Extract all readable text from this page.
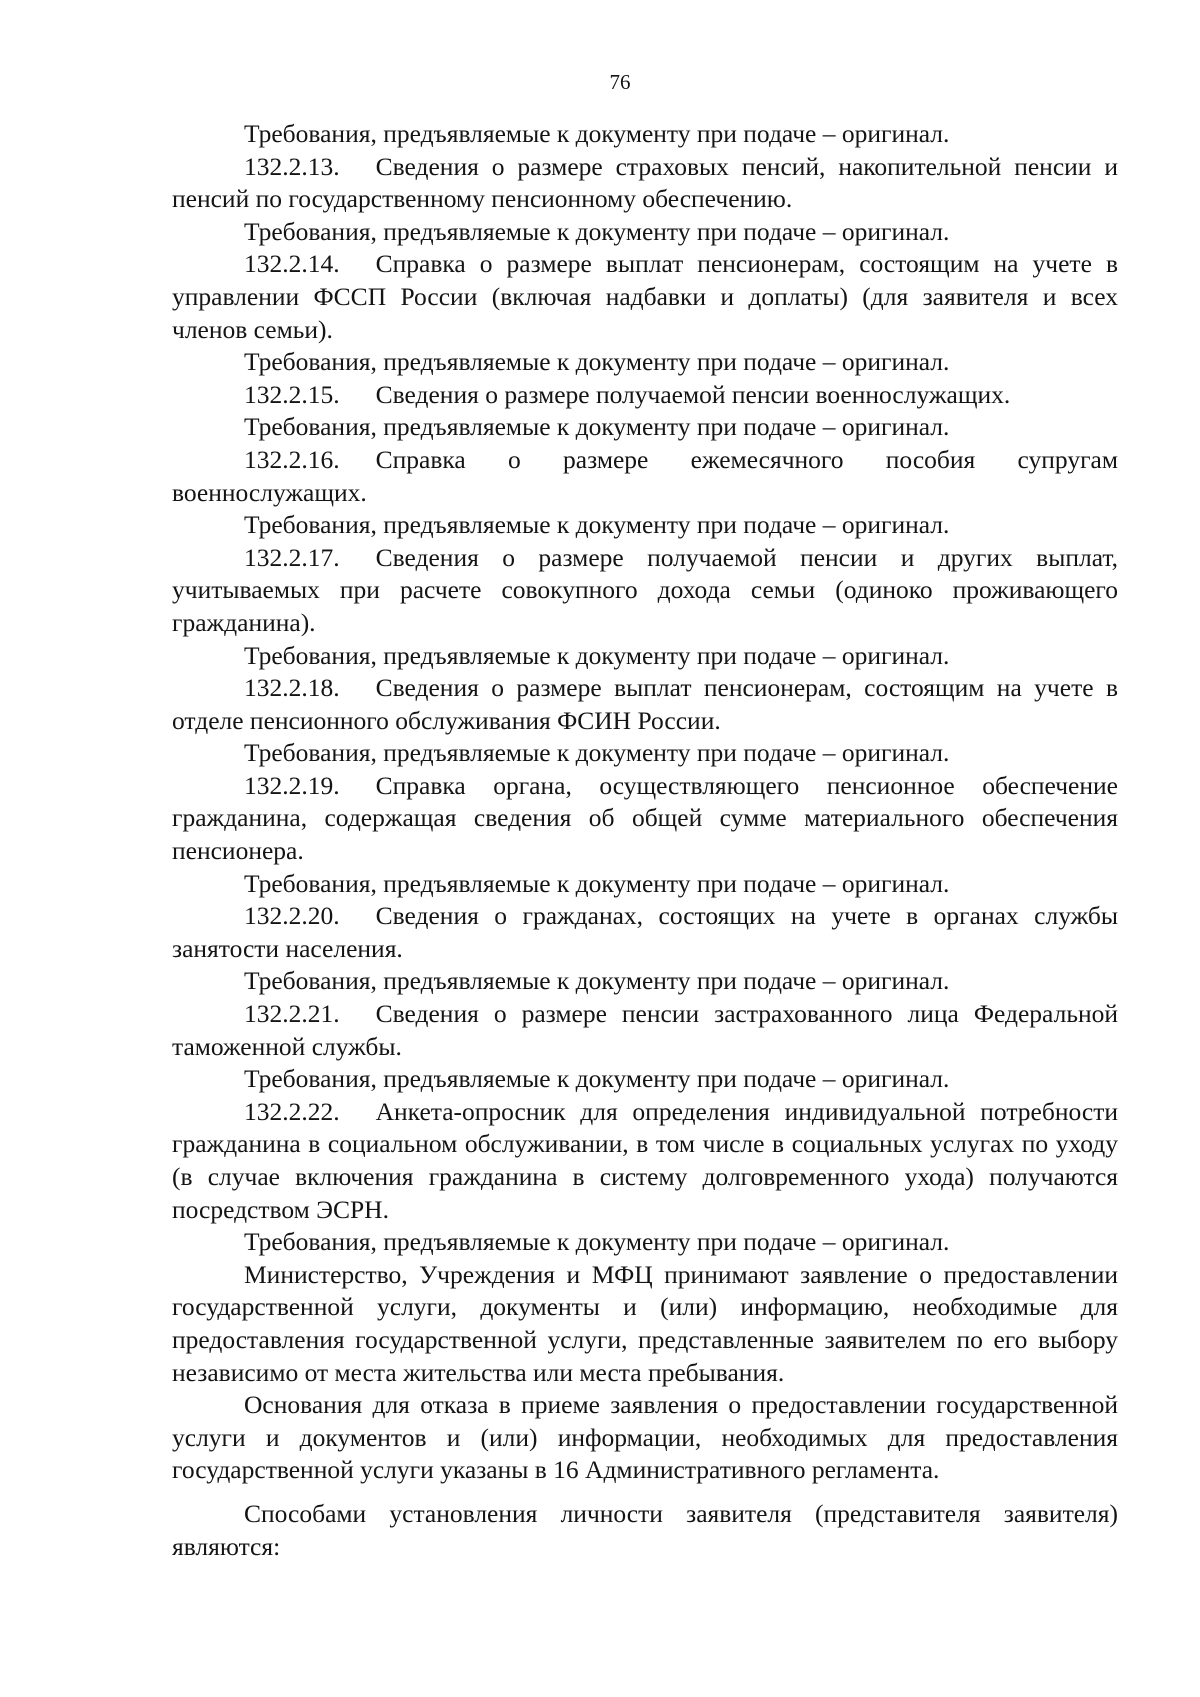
76

Требования, предъявляемые к документу при подаче – оригинал.

132.2.13. Сведения о размере страховых пенсий, накопительной пенсии и пенсий по государственному пенсионному обеспечению.

Требования, предъявляемые к документу при подаче – оригинал.

132.2.14. Справка о размере выплат пенсионерам, состоящим на учете в управлении ФССП России (включая надбавки и доплаты) (для заявителя и всех членов семьи).

Требования, предъявляемые к документу при подаче – оригинал.

132.2.15. Сведения о размере получаемой пенсии военнослужащих.

Требования, предъявляемые к документу при подаче – оригинал.

132.2.16. Справка о размере ежемесячного пособия супругам военнослужащих.

Требования, предъявляемые к документу при подаче – оригинал.

132.2.17. Сведения о размере получаемой пенсии и других выплат, учитываемых при расчете совокупного дохода семьи (одиноко проживающего гражданина).

Требования, предъявляемые к документу при подаче – оригинал.

132.2.18. Сведения о размере выплат пенсионерам, состоящим на учете в отделе пенсионного обслуживания ФСИН России.

Требования, предъявляемые к документу при подаче – оригинал.

132.2.19. Справка органа, осуществляющего пенсионное обеспечение гражданина, содержащая сведения об общей сумме материального обеспечения пенсионера.

Требования, предъявляемые к документу при подаче – оригинал.

132.2.20. Сведения о гражданах, состоящих на учете в органах службы занятости населения.

Требования, предъявляемые к документу при подаче – оригинал.

132.2.21. Сведения о размере пенсии застрахованного лица Федеральной таможенной службы.

Требования, предъявляемые к документу при подаче – оригинал.

132.2.22. Анкета-опросник для определения индивидуальной потребности гражданина в социальном обслуживании, в том числе в социальных услугах по уходу (в случае включения гражданина в систему долговременного ухода) получаются посредством ЭСРН.

Требования, предъявляемые к документу при подаче – оригинал.

Министерство, Учреждения и МФЦ принимают заявление о предоставлении государственной услуги, документы и (или) информацию, необходимые для предоставления государственной услуги, представленные заявителем по его выбору независимо от места жительства или места пребывания.

Основания для отказа в приеме заявления о предоставлении государственной услуги и документов и (или) информации, необходимых для предоставления государственной услуги указаны в 16 Административного регламента.

Способами установления личности заявителя (представителя заявителя) являются:
